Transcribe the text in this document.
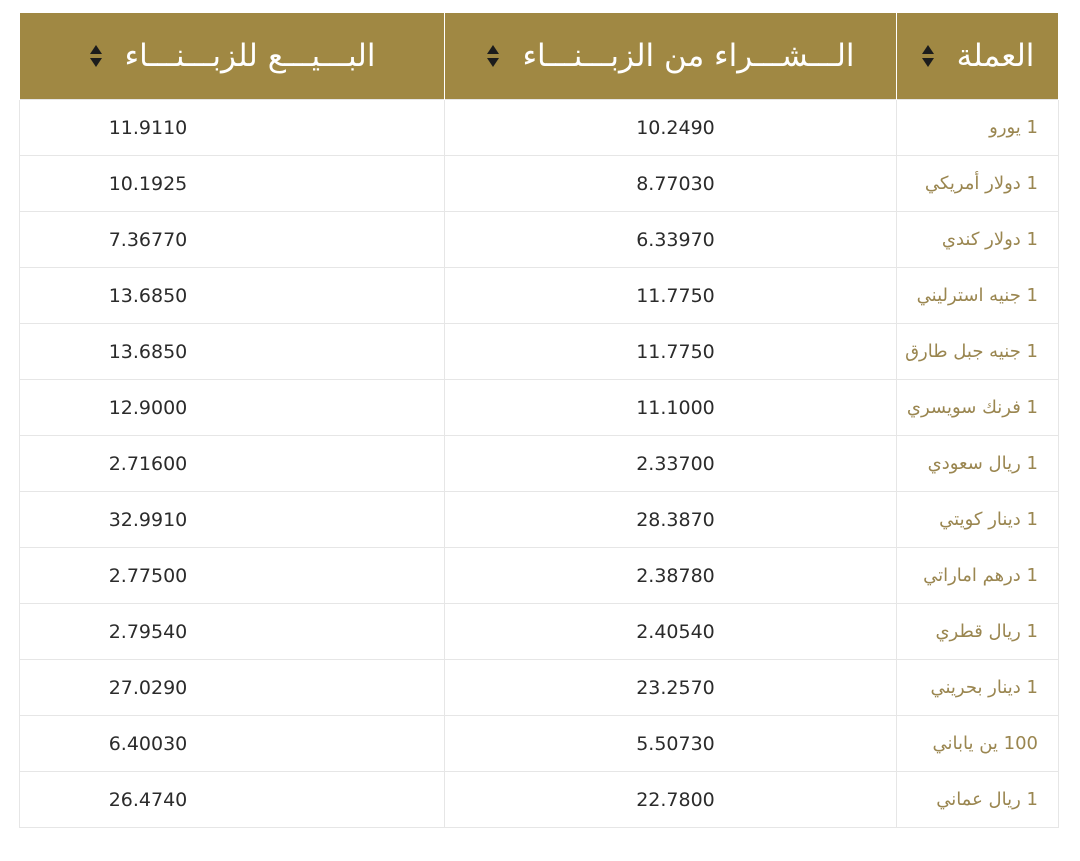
البـــيـــع للزبـــنـــاء	الـــشـــراء من الزبـــنـــاء	العملة

11.9110	10.2490	1 يورو
10.1925	8.77030	1 دولار أمريكي
7.36770	6.33970	1 دولار كندي
13.6850	11.7750	1 جنيه استرليني
13.6850	11.7750	1 جنيه جبل طارق
12.9000	11.1000	1 فرنك سويسري
2.71600	2.33700	1 ريال سعودي
32.9910	28.3870	1 دينار كويتي
2.77500	2.38780	1 درهم اماراتي
2.79540	2.40540	1 ريال قطري
27.0290	23.2570	1 دينار بحريني
6.40030	5.50730	100 ين ياباني
26.4740	22.7800	1 ريال عماني
